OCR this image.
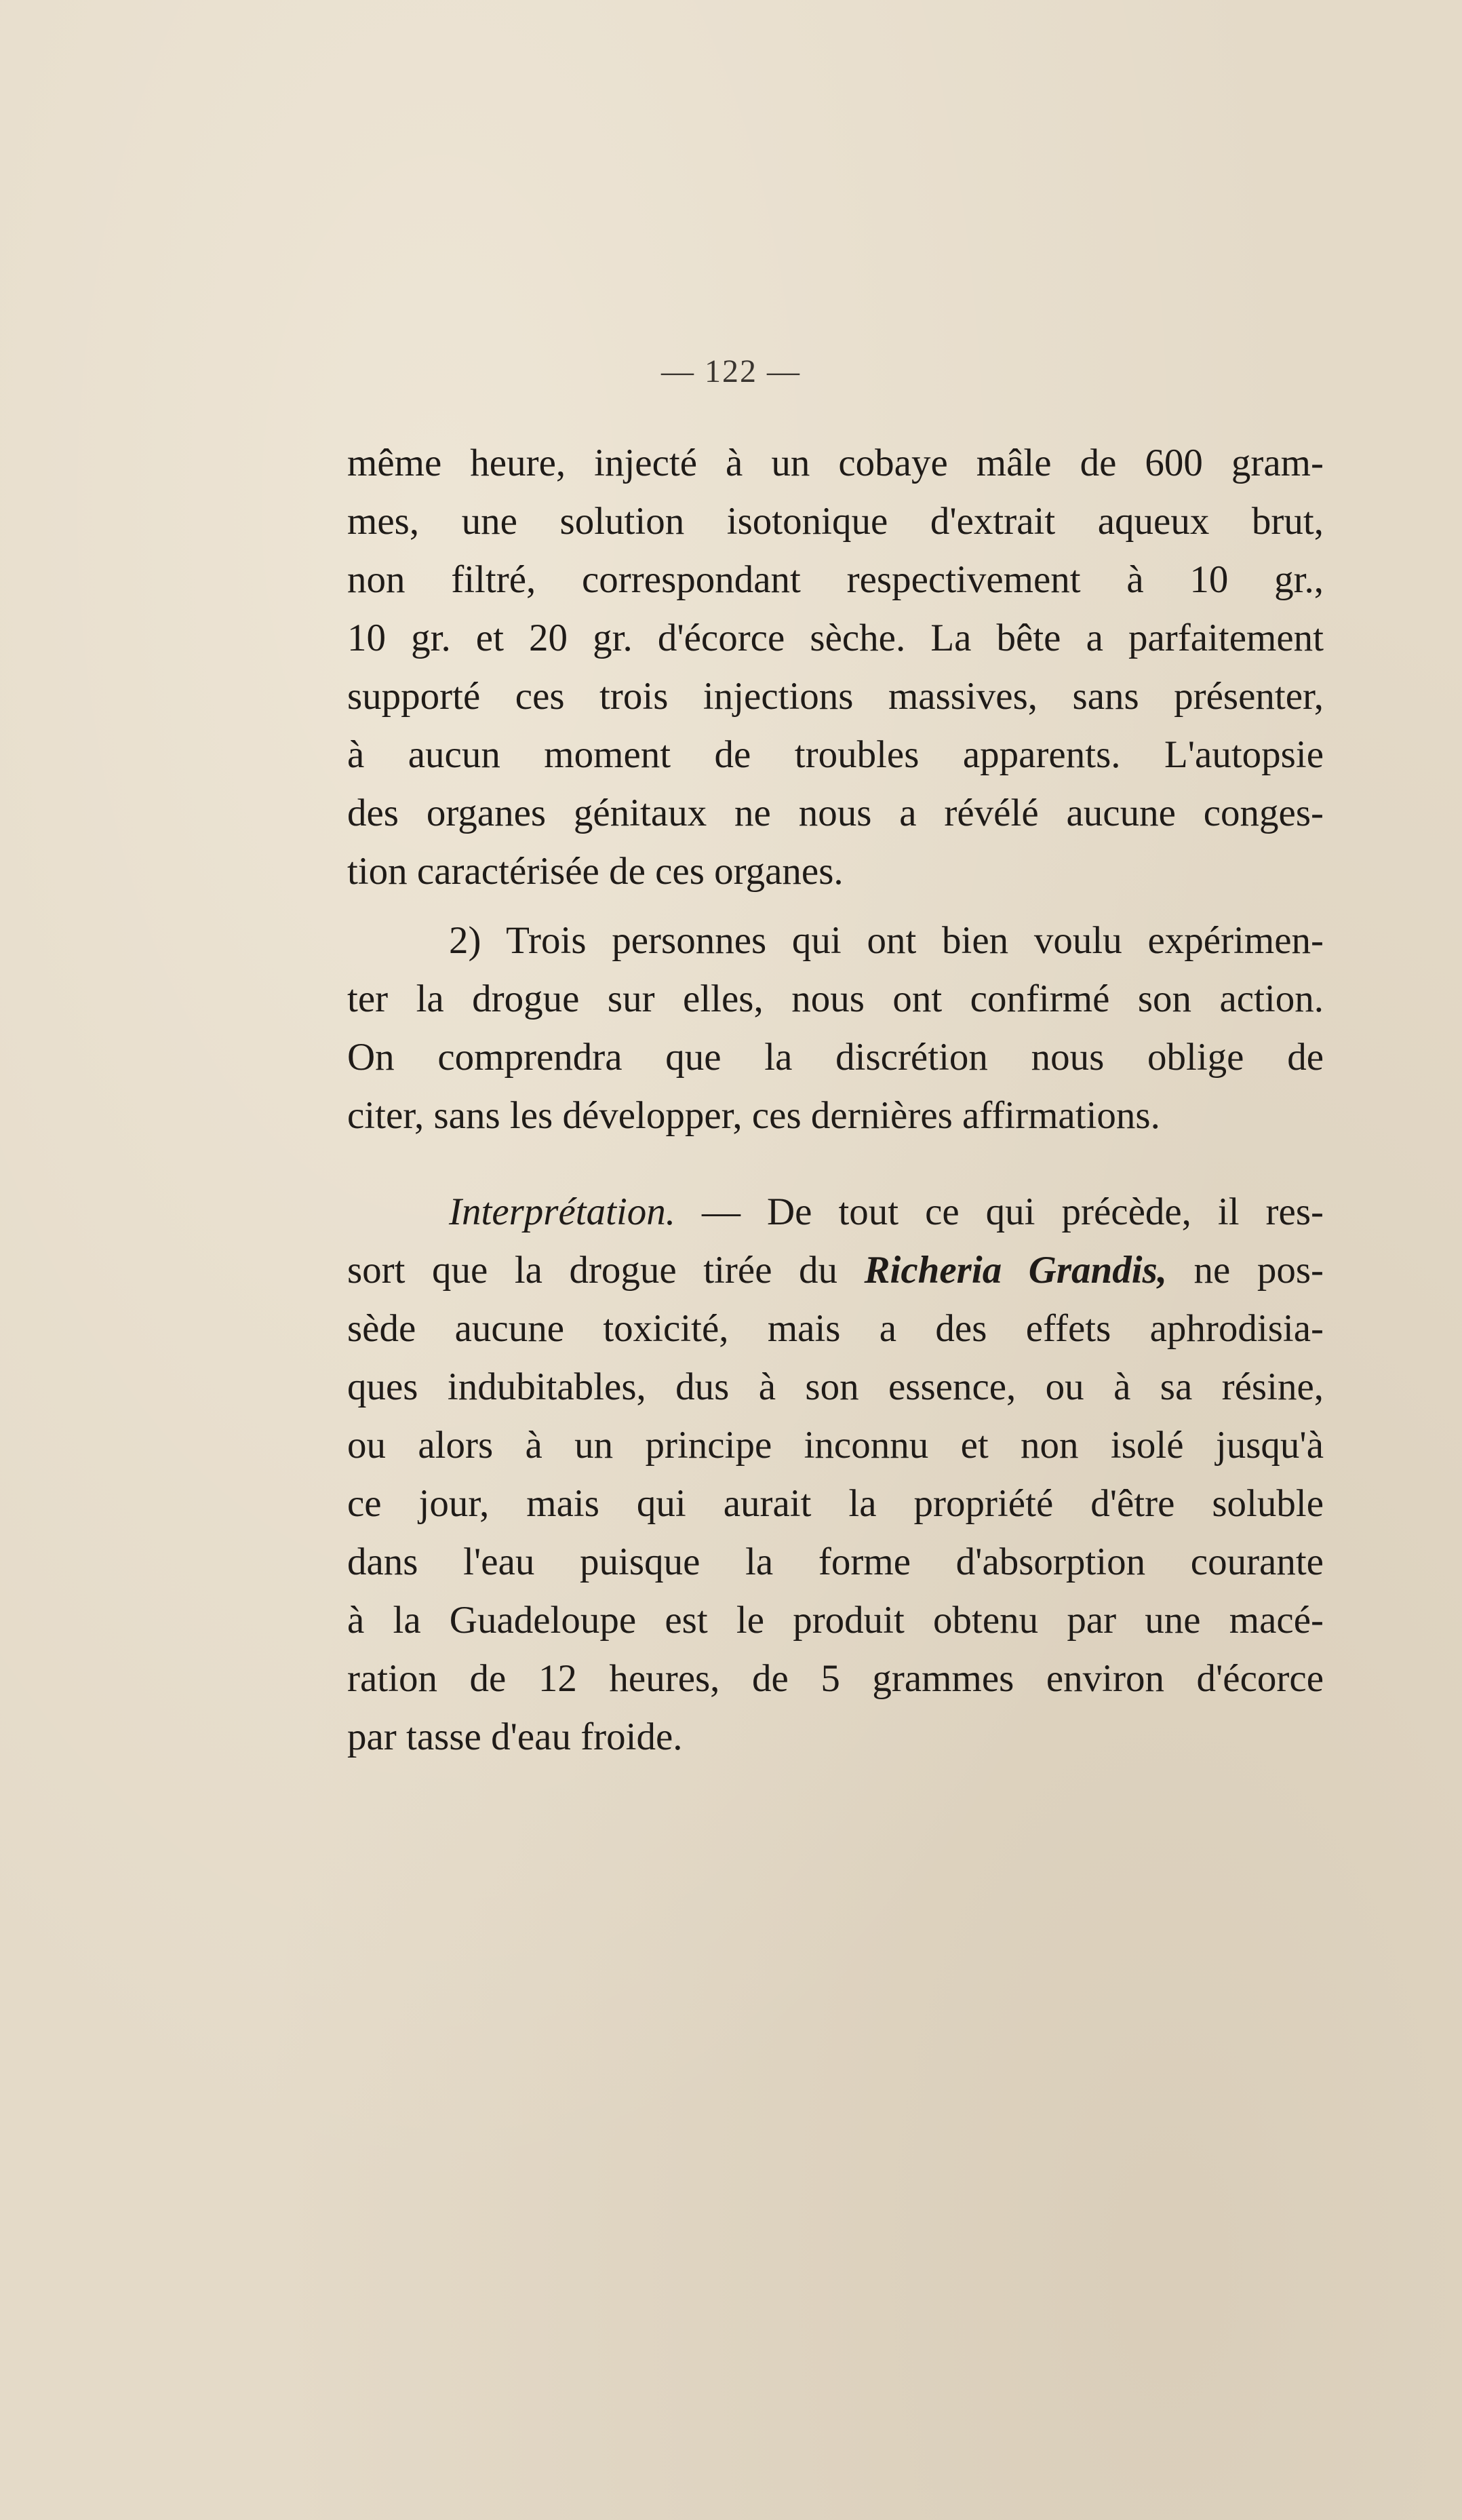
— 122 —
même heure, injecté à un cobaye mâle de 600 gram-
mes, une solution isotonique d'extrait aqueux brut,
non filtré, correspondant respectivement à 10 gr.,
10 gr. et 20 gr. d'écorce sèche. La bête a parfaitement
supporté ces trois injections massives, sans présenter,
à aucun moment de troubles apparents. L'autopsie
des organes génitaux ne nous a révélé aucune conges-
tion caractérisée de ces organes.
2) Trois personnes qui ont bien voulu expérimen-
ter la drogue sur elles, nous ont confirmé son action.
On comprendra que la discrétion nous oblige de
citer, sans les développer, ces dernières affirmations.
Interprétation. — De tout ce qui précède, il res-
sort que la drogue tirée du Richeria Grandis, ne pos-
sède aucune toxicité, mais a des effets aphrodisia-
ques indubitables, dus à son essence, ou à sa résine,
ou alors à un principe inconnu et non isolé jusqu'à
ce jour, mais qui aurait la propriété d'être soluble
dans l'eau puisque la forme d'absorption courante
à la Guadeloupe est le produit obtenu par une macé-
ration de 12 heures, de 5 grammes environ d'écorce
par tasse d'eau froide.
